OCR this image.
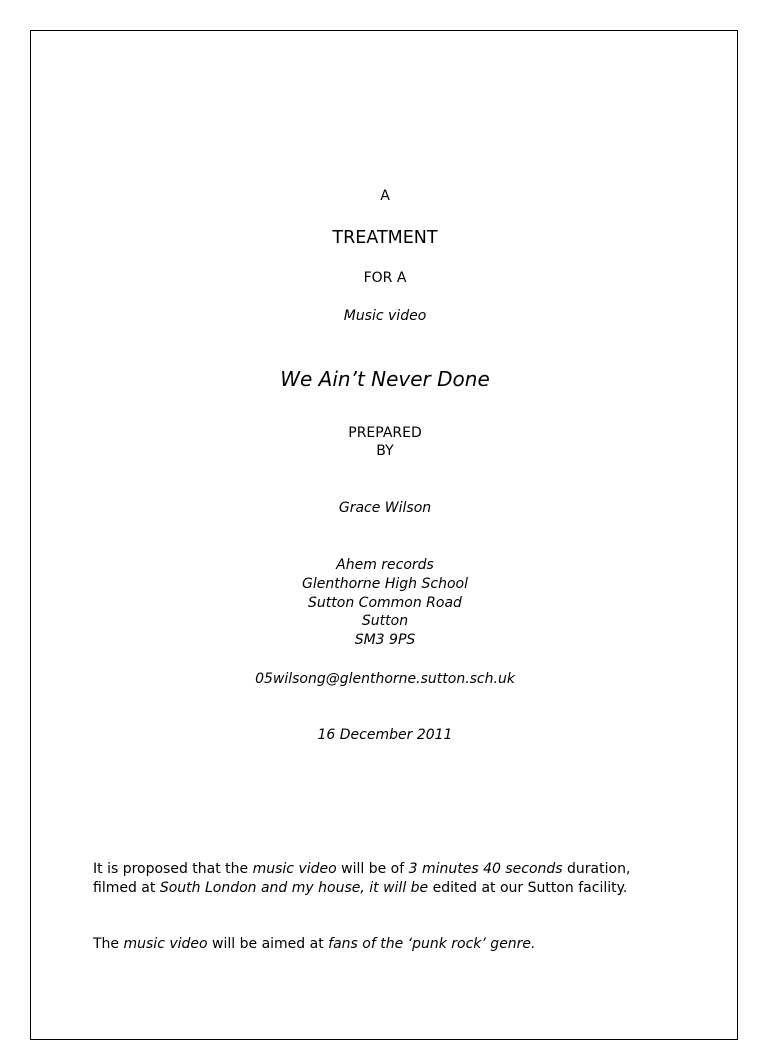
A
TREATMENT
FOR A
Music video
We Ain’t Never Done
PREPARED
BY
Grace Wilson
Ahem records
Glenthorne High School
Sutton Common Road
Sutton
SM3 9PS
05wilsong@glenthorne.sutton.sch.uk
16 December 2011
It is proposed that the music video will be of 3 minutes 40 seconds duration,
filmed at South London and my house, it will be edited at our Sutton facility.
The music video will be aimed at fans of the ‘punk rock’ genre.
